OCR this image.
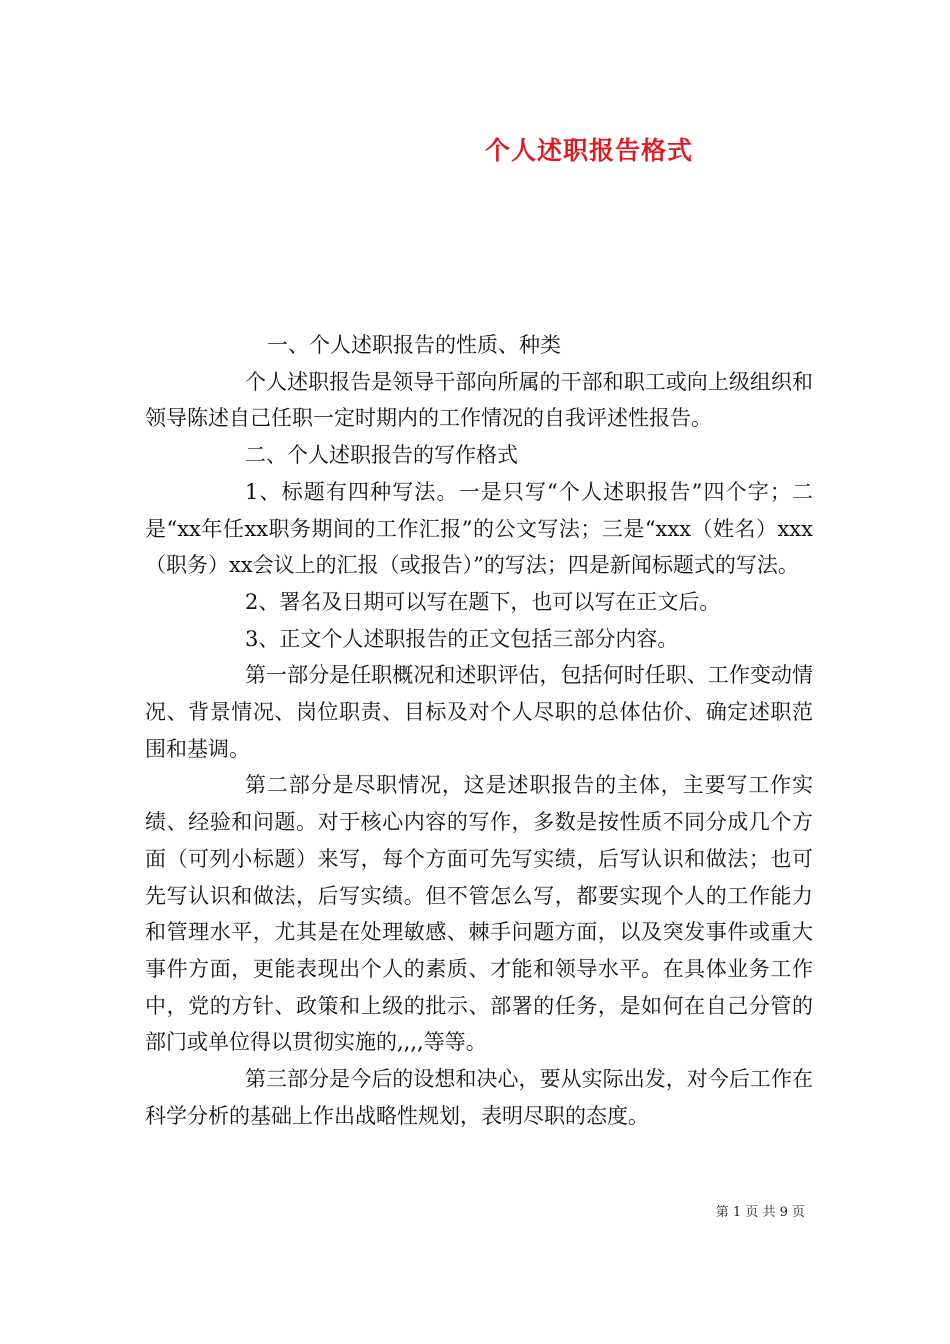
个人述职报告格式

一、个人述职报告的性质、种类

个人述职报告是领导干部向所属的干部和职工或向上级组织和领导陈述自己任职一定时期内的工作情况的自我评述性报告。

二、个人述职报告的写作格式

1、标题有四种写法。一是只写“个人述职报告”四个字；二是“xx年任xx职务期间的工作汇报”的公文写法；三是“xxx（姓名）xxx（职务）xx会议上的汇报（或报告）”的写法；四是新闻标题式的写法。

2、署名及日期可以写在题下，也可以写在正文后。

3、正文个人述职报告的正文包括三部分内容。

第一部分是任职概况和述职评估，包括何时任职、工作变动情况、背景情况、岗位职责、目标及对个人尽职的总体估价、确定述职范围和基调。

第二部分是尽职情况，这是述职报告的主体，主要写工作实绩、经验和问题。对于核心内容的写作，多数是按性质不同分成几个方面（可列小标题）来写，每个方面可先写实绩，后写认识和做法；也可先写认识和做法，后写实绩。但不管怎么写，都要实现个人的工作能力和管理水平，尤其是在处理敏感、棘手问题方面，以及突发事件或重大事件方面，更能表现出个人的素质、才能和领导水平。在具体业务工作中，党的方针、政策和上级的批示、部署的任务，是如何在自己分管的部门或单位得以贯彻实施的,,,,等等。

第三部分是今后的设想和决心，要从实际出发，对今后工作在科学分析的基础上作出战略性规划，表明尽职的态度。

第 1 页 共 9 页
